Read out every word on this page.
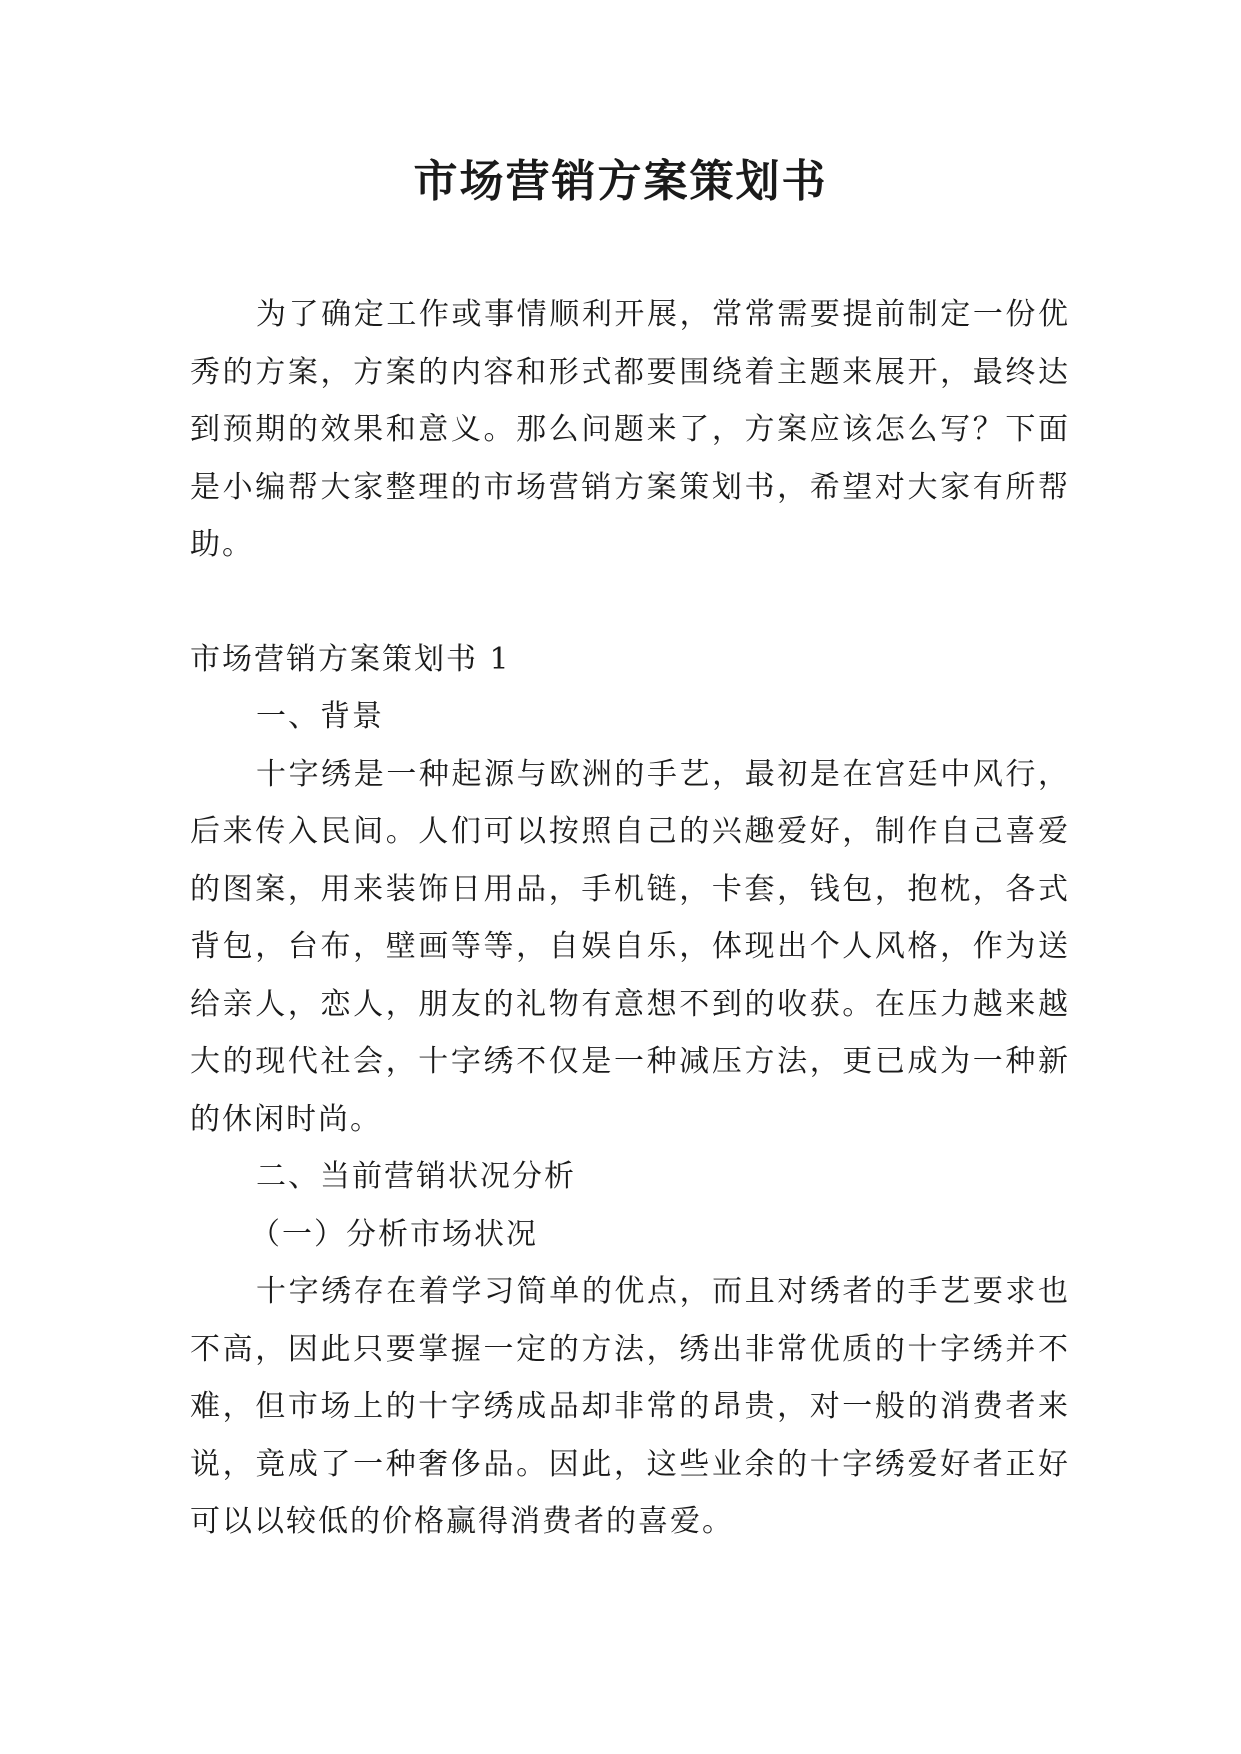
市场营销方案策划书

为了确定工作或事情顺利开展，常常需要提前制定一份优秀的方案，方案的内容和形式都要围绕着主题来展开，最终达到预期的效果和意义。那么问题来了，方案应该怎么写？下面是小编帮大家整理的市场营销方案策划书，希望对大家有所帮助。

市场营销方案策划书 1

一、背景

十字绣是一种起源与欧洲的手艺，最初是在宫廷中风行，后来传入民间。人们可以按照自己的兴趣爱好，制作自己喜爱的图案，用来装饰日用品，手机链，卡套，钱包，抱枕，各式背包，台布，壁画等等，自娱自乐，体现出个人风格，作为送给亲人，恋人，朋友的礼物有意想不到的收获。在压力越来越大的现代社会，十字绣不仅是一种减压方法，更已成为一种新的休闲时尚。

二、当前营销状况分析

（一）分析市场状况

十字绣存在着学习简单的优点，而且对绣者的手艺要求也不高，因此只要掌握一定的方法，绣出非常优质的十字绣并不难，但市场上的十字绣成品却非常的昂贵，对一般的消费者来说，竟成了一种奢侈品。因此，这些业余的十字绣爱好者正好可以以较低的价格赢得消费者的喜爱。
